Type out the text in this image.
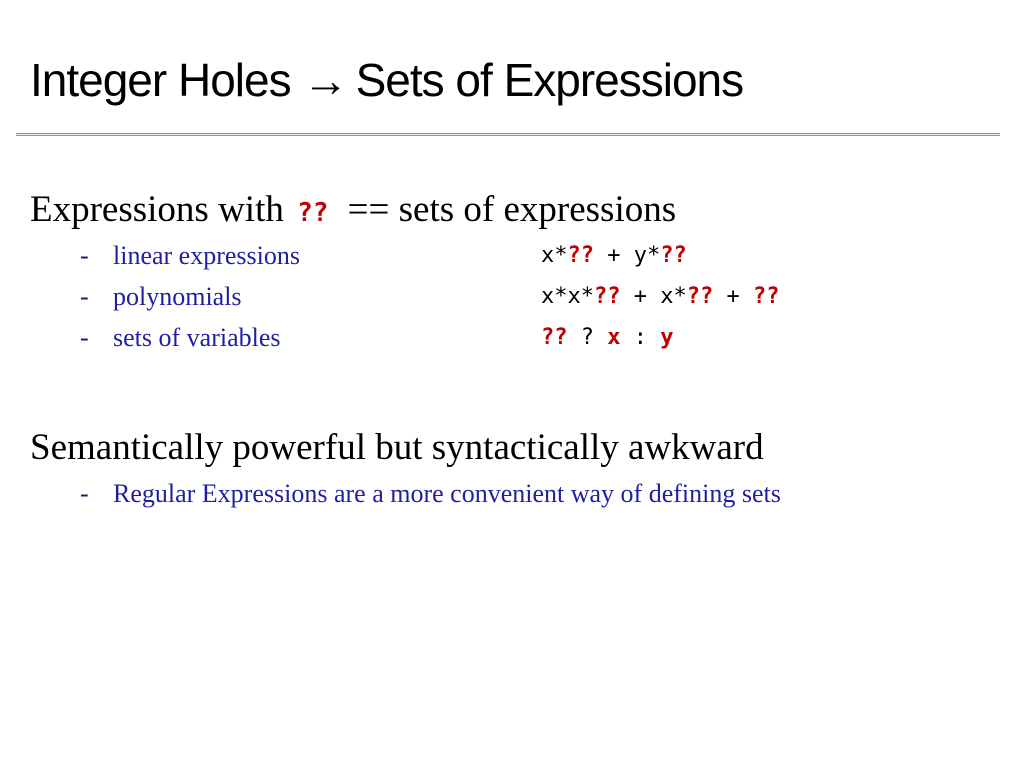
Integer Holes → Sets of Expressions
Expressions with ?? == sets of expressions
- linear expressions	x*?? + y*??
- polynomials	x*x*?? + x*?? + ??
- sets of variables	?? ? x : y
Semantically powerful but syntactically awkward
- Regular Expressions are a more convenient way of defining sets
